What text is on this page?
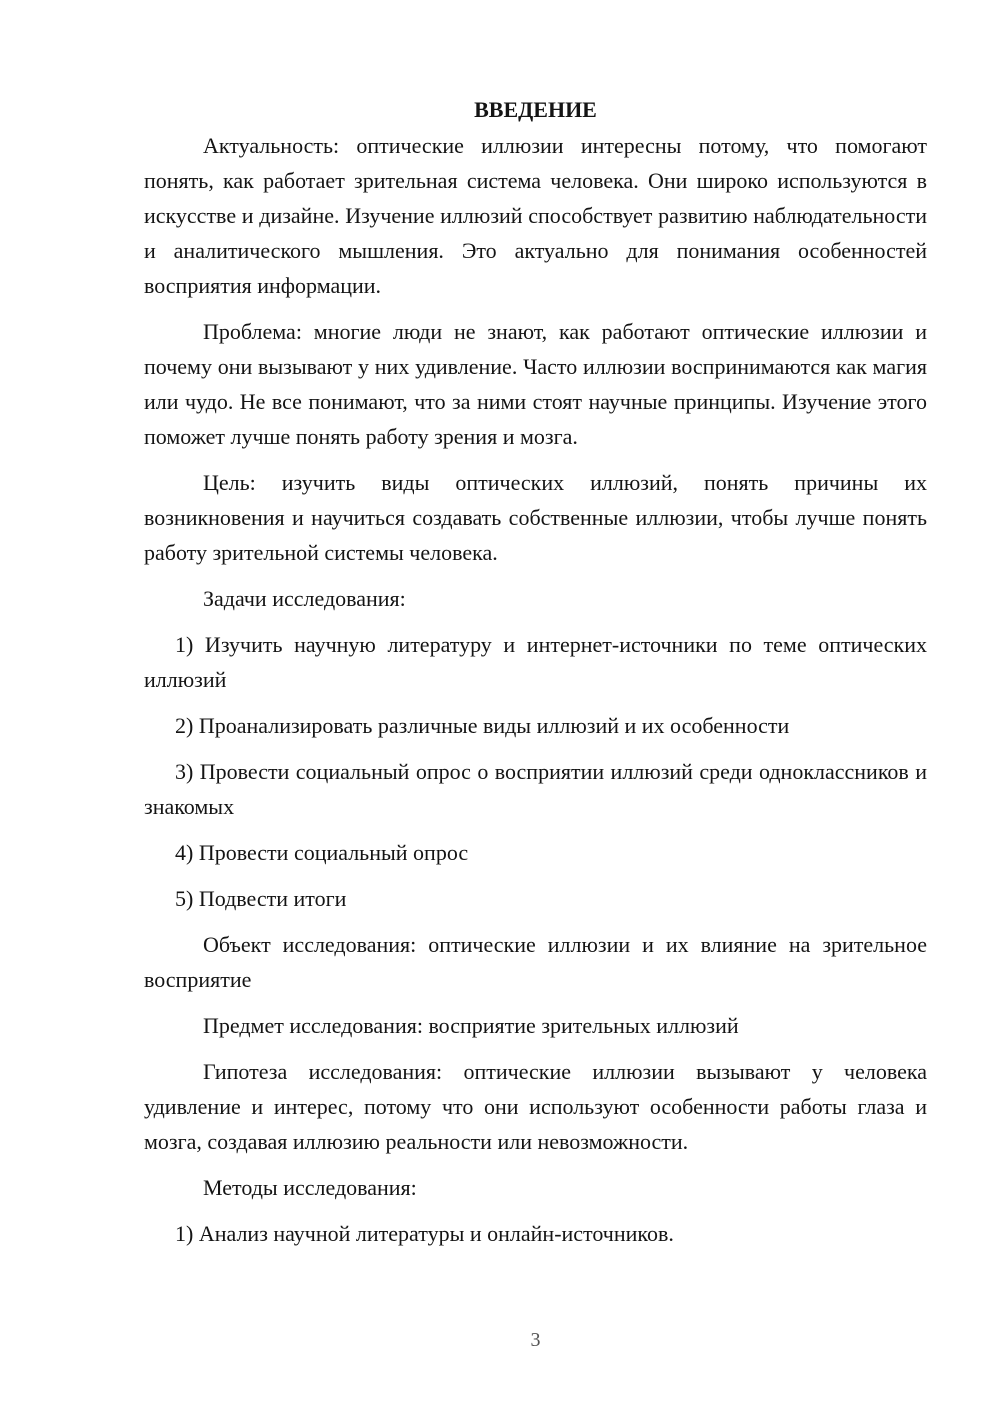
ВВЕДЕНИЕ

Актуальность: оптические иллюзии интересны потому, что помогают понять, как работает зрительная система человека. Они широко используются в искусстве и дизайне. Изучение иллюзий способствует развитию наблюдательности и аналитического мышления. Это актуально для понимания особенностей восприятия информации.

Проблема: многие люди не знают, как работают оптические иллюзии и почему они вызывают у них удивление. Часто иллюзии воспринимаются как магия или чудо. Не все понимают, что за ними стоят научные принципы. Изучение этого поможет лучше понять работу зрения и мозга.

Цель: изучить виды оптических иллюзий, понять причины их возникновения и научиться создавать собственные иллюзии, чтобы лучше понять работу зрительной системы человека.

Задачи исследования:

1) Изучить научную литературу и интернет-источники по теме оптических иллюзий

2) Проанализировать различные виды иллюзий и их особенности

3) Провести социальный опрос о восприятии иллюзий среди одноклассников и знакомых

4) Провести социальный опрос

5) Подвести итоги

Объект исследования: оптические иллюзии и их влияние на зрительное восприятие

Предмет исследования: восприятие зрительных иллюзий

Гипотеза исследования: оптические иллюзии вызывают у человека удивление и интерес, потому что они используют особенности работы глаза и мозга, создавая иллюзию реальности или невозможности.

Методы исследования:

1) Анализ научной литературы и онлайн-источников.

3
